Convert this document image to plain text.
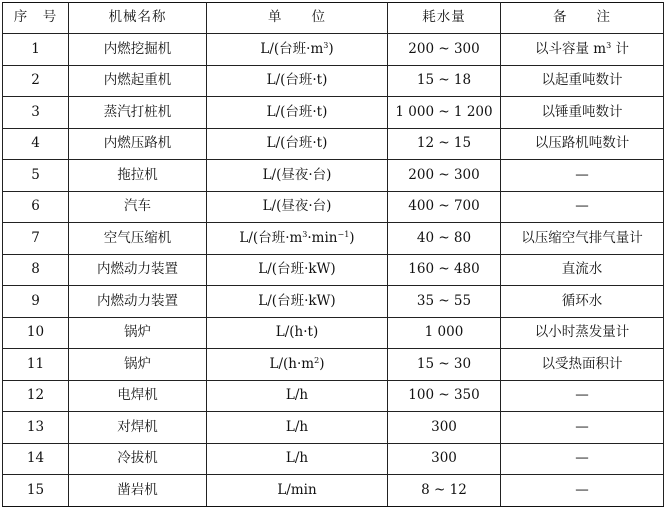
序　号	机械名称	单　　位	耗水量	备　　注
1	内燃挖掘机	L/(台班$\cdot m^3$)	200 ~ 300	以斗容量 $m^3$ 计
2	内燃起重机	L/(台班·t)	15 ~ 18	以起重吨数计
3	蒸汽打桩机	L/(台班·t)	1 000 ~ 1 200	以锤重吨数计
4	内燃压路机	L/(台班·t)	12 ~ 15	以压路机吨数计
5	拖拉机	L/(昼夜·台)	200 ~ 300	—
6	汽车	L/(昼夜·台)	400 ~ 700	—
7	空气压缩机	L/(台班$\cdot m^3\cdot\min^{-1}$)	40 ~ 80	以压缩空气排气量计
8	内燃动力装置	L/(台班·kW)	160 ~ 480	直流水
9	内燃动力装置	L/(台班·kW)	35 ~ 55	循环水
10	锅炉	L/(h·t)	1 000	以小时蒸发量计
11	锅炉	$L/(h\cdot m^2)$	15 ~ 30	以受热面积计
12	电焊机	L/h	100 ~ 350	—
13	对焊机	L/h	300	—
14	冷拔机	L/h	300	—
15	凿岩机	L/min	8 ~ 12	—
